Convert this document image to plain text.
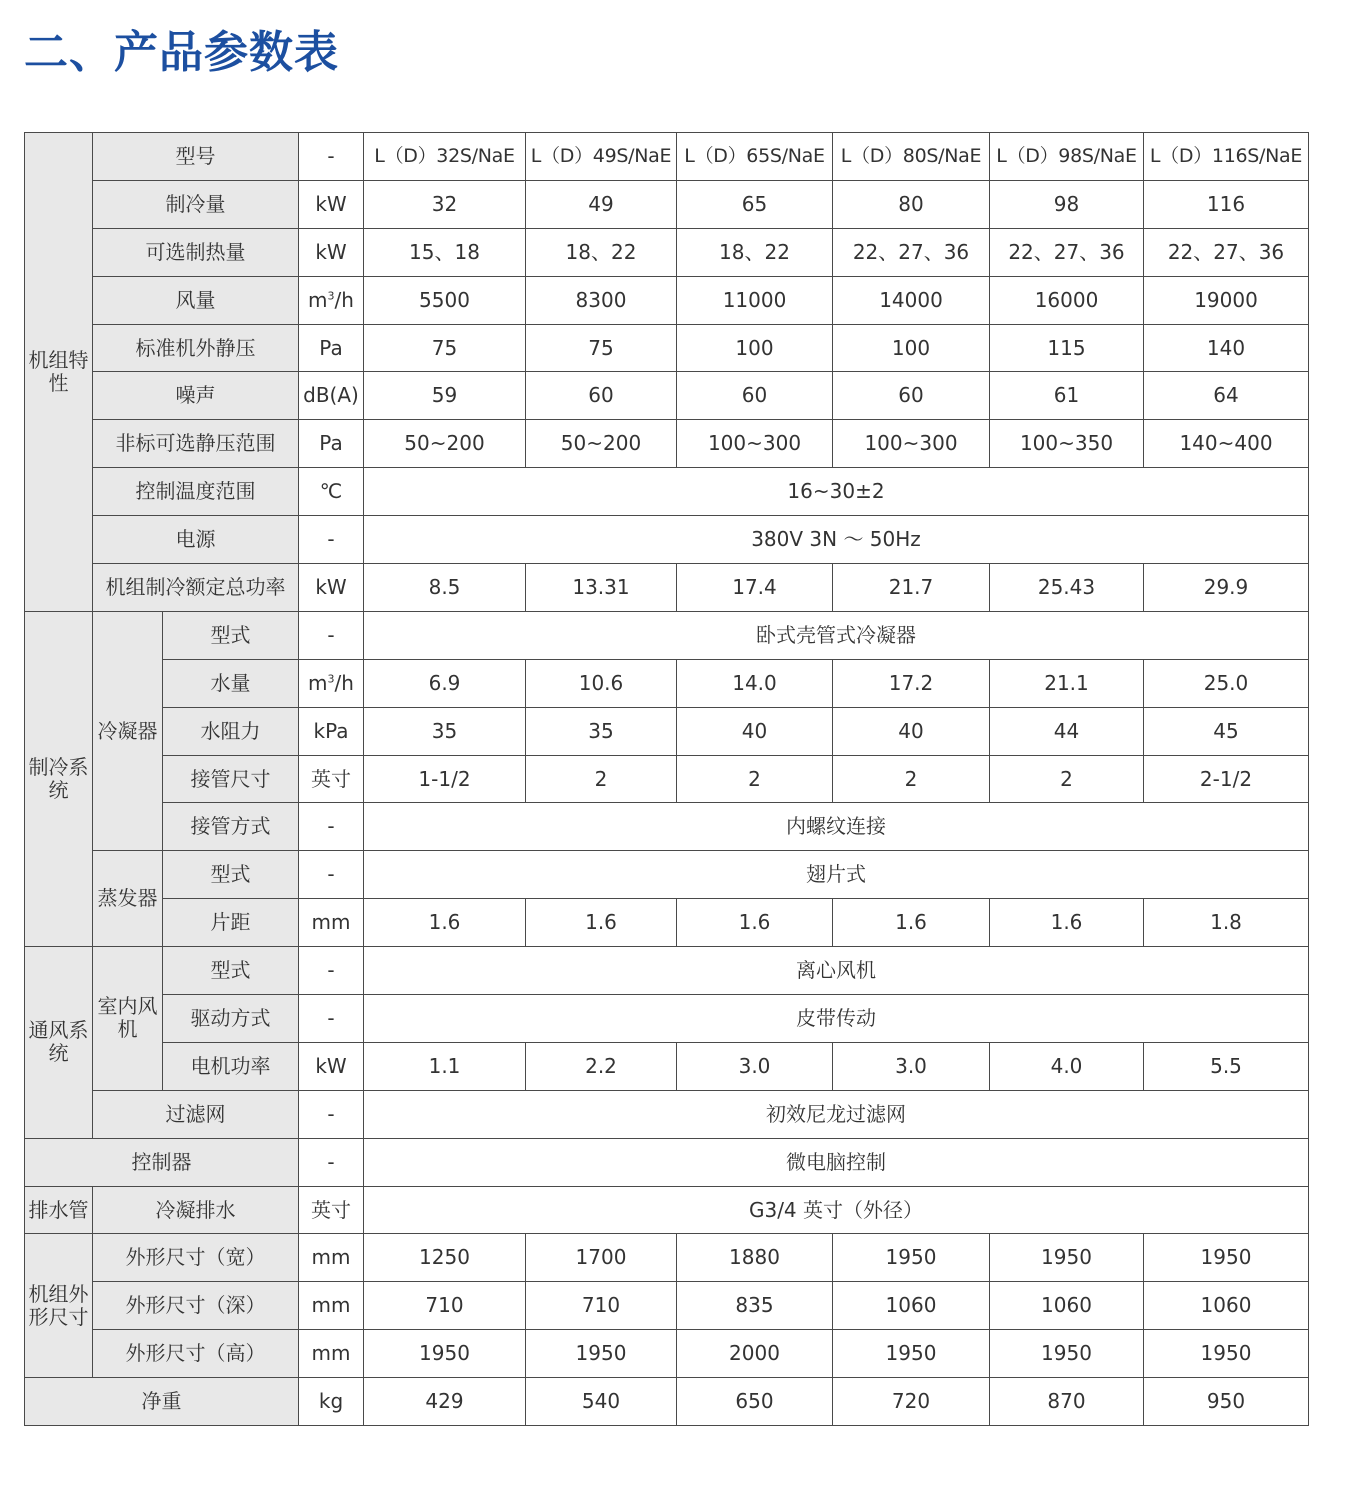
二、产品参数表
机组特性	型号		-	L（D）32S/NaE	L（D）49S/NaE	L（D）65S/NaE	L（D）80S/NaE	L（D）98S/NaE	L（D）116S/NaE
	制冷量		kW	32	49	65	80	98	116
	可选制热量		kW	15、18	18、22	18、22	22、27、36	22、27、36	22、27、36
	风量		$m^3/h$	5500	8300	11000	14000	16000	19000
	标准机外静压		Pa	75	75	100	100	115	140
	噪声		dB(A)	59	60	60	60	61	64
	非标可选静压范围		Pa	50~200	50~200	100~300	100~300	100~350	140~400
	控制温度范围		℃	16~30±2					
	电源		-	380V 3N ～ 50Hz					
	机组制冷额定总功率		kW	8.5	13.31	17.4	21.7	25.43	29.9
制冷系统	冷凝器	型式	-	卧式壳管式冷凝器					
		水量	$m^3/h$	6.9	10.6	14.0	17.2	21.1	25.0
		水阻力	kPa	35	35	40	40	44	45
		接管尺寸	英寸	1-1/2	2	2	2	2	2-1/2
		接管方式	-	内螺纹连接					
	蒸发器	型式	-	翅片式					
		片距	mm	1.6	1.6	1.6	1.6	1.6	1.8
通风系统	室内风机	型式	-	离心风机					
		驱动方式	-	皮带传动					
		电机功率	kW	1.1	2.2	3.0	3.0	4.0	5.5
	过滤网		-	初效尼龙过滤网					
控制器			-	微电脑控制					
排水管	冷凝排水		英寸	G3/4 英寸（外径）					
机组外形尺寸	外形尺寸（宽）		mm	1250	1700	1880	1950	1950	1950
	外形尺寸（深）		mm	710	710	835	1060	1060	1060
	外形尺寸（高）		mm	1950	1950	2000	1950	1950	1950
净重			kg	429	540	650	720	870	950
